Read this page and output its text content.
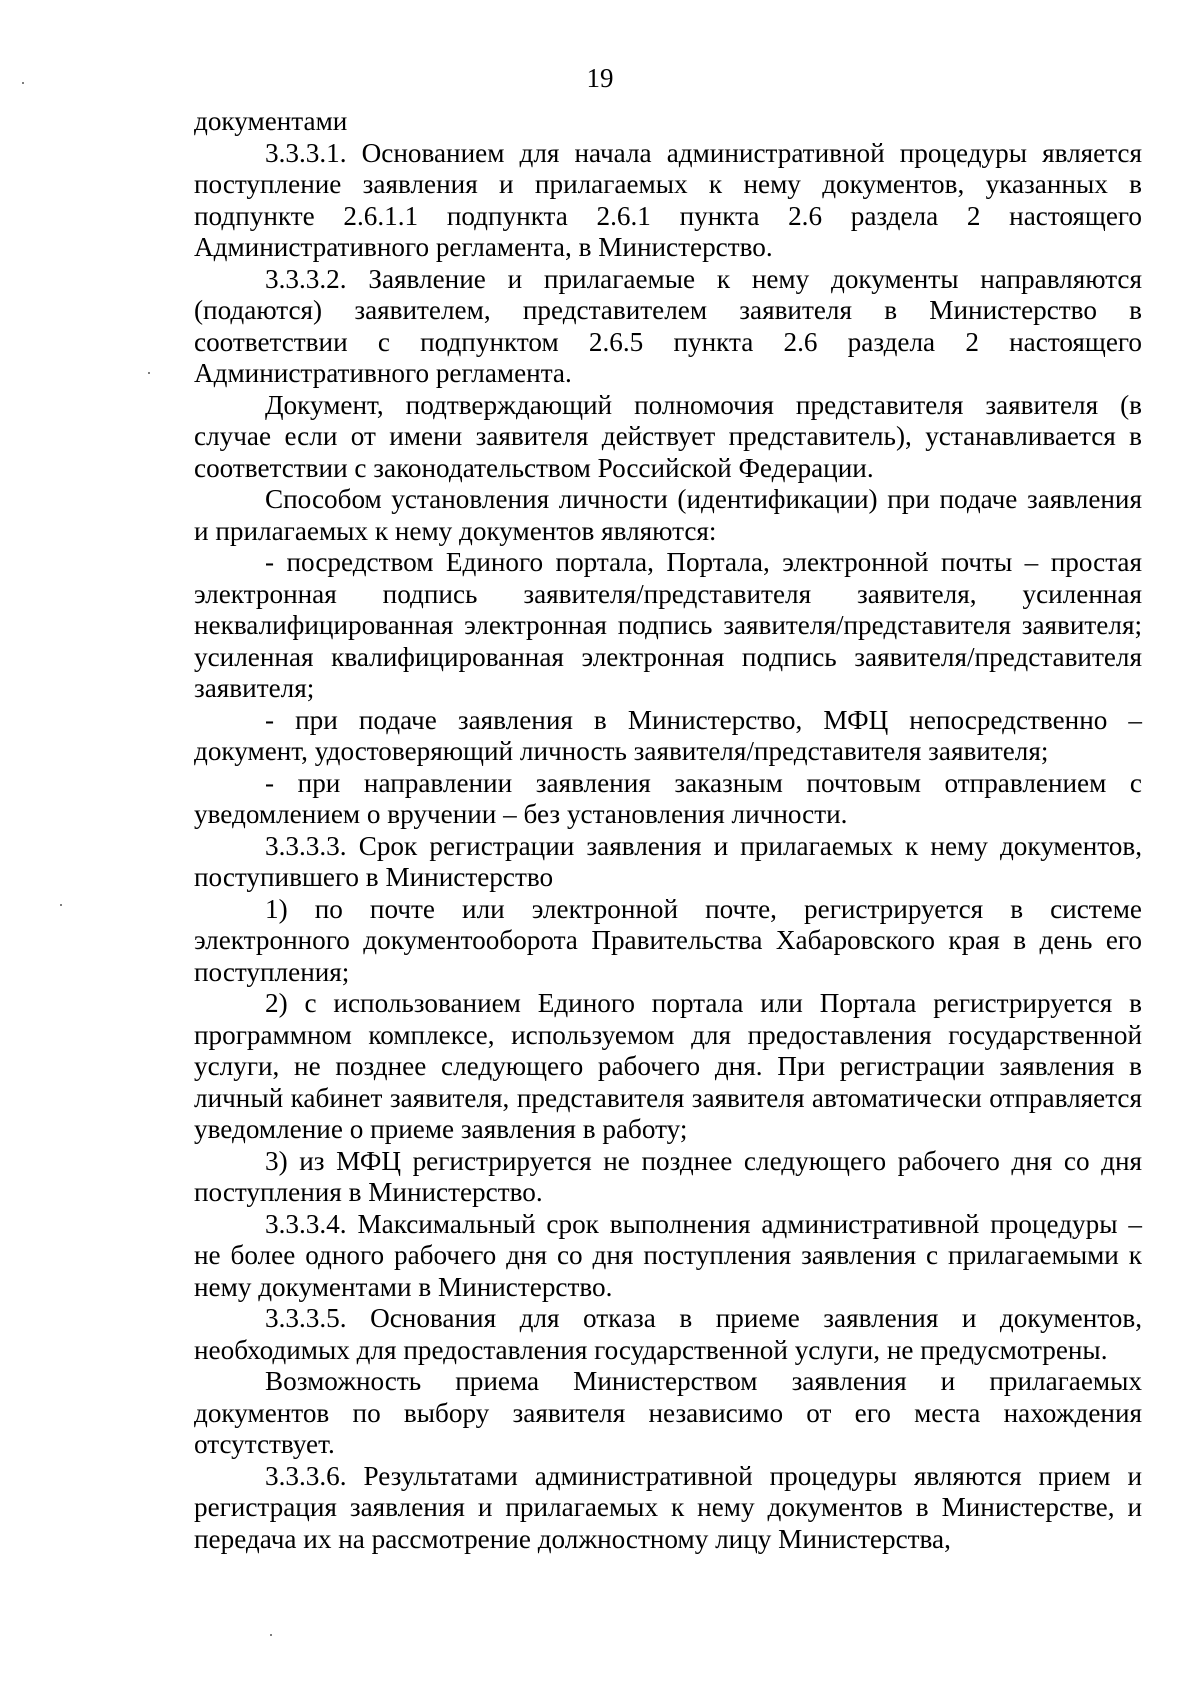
19

документами

3.3.3.1. Основанием для начала административной процедуры является поступление заявления и прилагаемых к нему документов, указанных в подпункте 2.6.1.1 подпункта 2.6.1 пункта 2.6 раздела 2 настоящего Административного регламента, в Министерство.

3.3.3.2. Заявление и прилагаемые к нему документы направляются (подаются) заявителем, представителем заявителя в Министерство в соответствии с подпунктом 2.6.5 пункта 2.6 раздела 2 настоящего Административного регламента.

Документ, подтверждающий полномочия представителя заявителя (в случае если от имени заявителя действует представитель), устанавливается в соответствии с законодательством Российской Федерации.

Способом установления личности (идентификации) при подаче заявления и прилагаемых к нему документов являются:

- посредством Единого портала, Портала, электронной почты – простая электронная подпись заявителя/представителя заявителя, усиленная неквалифицированная электронная подпись заявителя/представителя заявителя; усиленная квалифицированная электронная подпись заявителя/представителя заявителя;

- при подаче заявления в Министерство, МФЦ непосредственно – документ, удостоверяющий личность заявителя/представителя заявителя;

- при направлении заявления заказным почтовым отправлением с уведомлением о вручении – без установления личности.

3.3.3.3. Срок регистрации заявления и прилагаемых к нему документов, поступившего в Министерство

1) по почте или электронной почте, регистрируется в системе электронного документооборота Правительства Хабаровского края в день его поступления;

2) с использованием Единого портала или Портала регистрируется в программном комплексе, используемом для предоставления государственной услуги, не позднее следующего рабочего дня. При регистрации заявления в личный кабинет заявителя, представителя заявителя автоматически отправляется уведомление о приеме заявления в работу;

3) из МФЦ регистрируется не позднее следующего рабочего дня со дня поступления в Министерство.

3.3.3.4. Максимальный срок выполнения административной процедуры – не более одного рабочего дня со дня поступления заявления с прилагаемыми к нему документами в Министерство.

3.3.3.5. Основания для отказа в приеме заявления и документов, необходимых для предоставления государственной услуги, не предусмотрены.

Возможность приема Министерством заявления и прилагаемых документов по выбору заявителя независимо от его места нахождения отсутствует.

3.3.3.6. Результатами административной процедуры являются прием и регистрация заявления и прилагаемых к нему документов в Министерстве, и передача их на рассмотрение должностному лицу Министерства,
